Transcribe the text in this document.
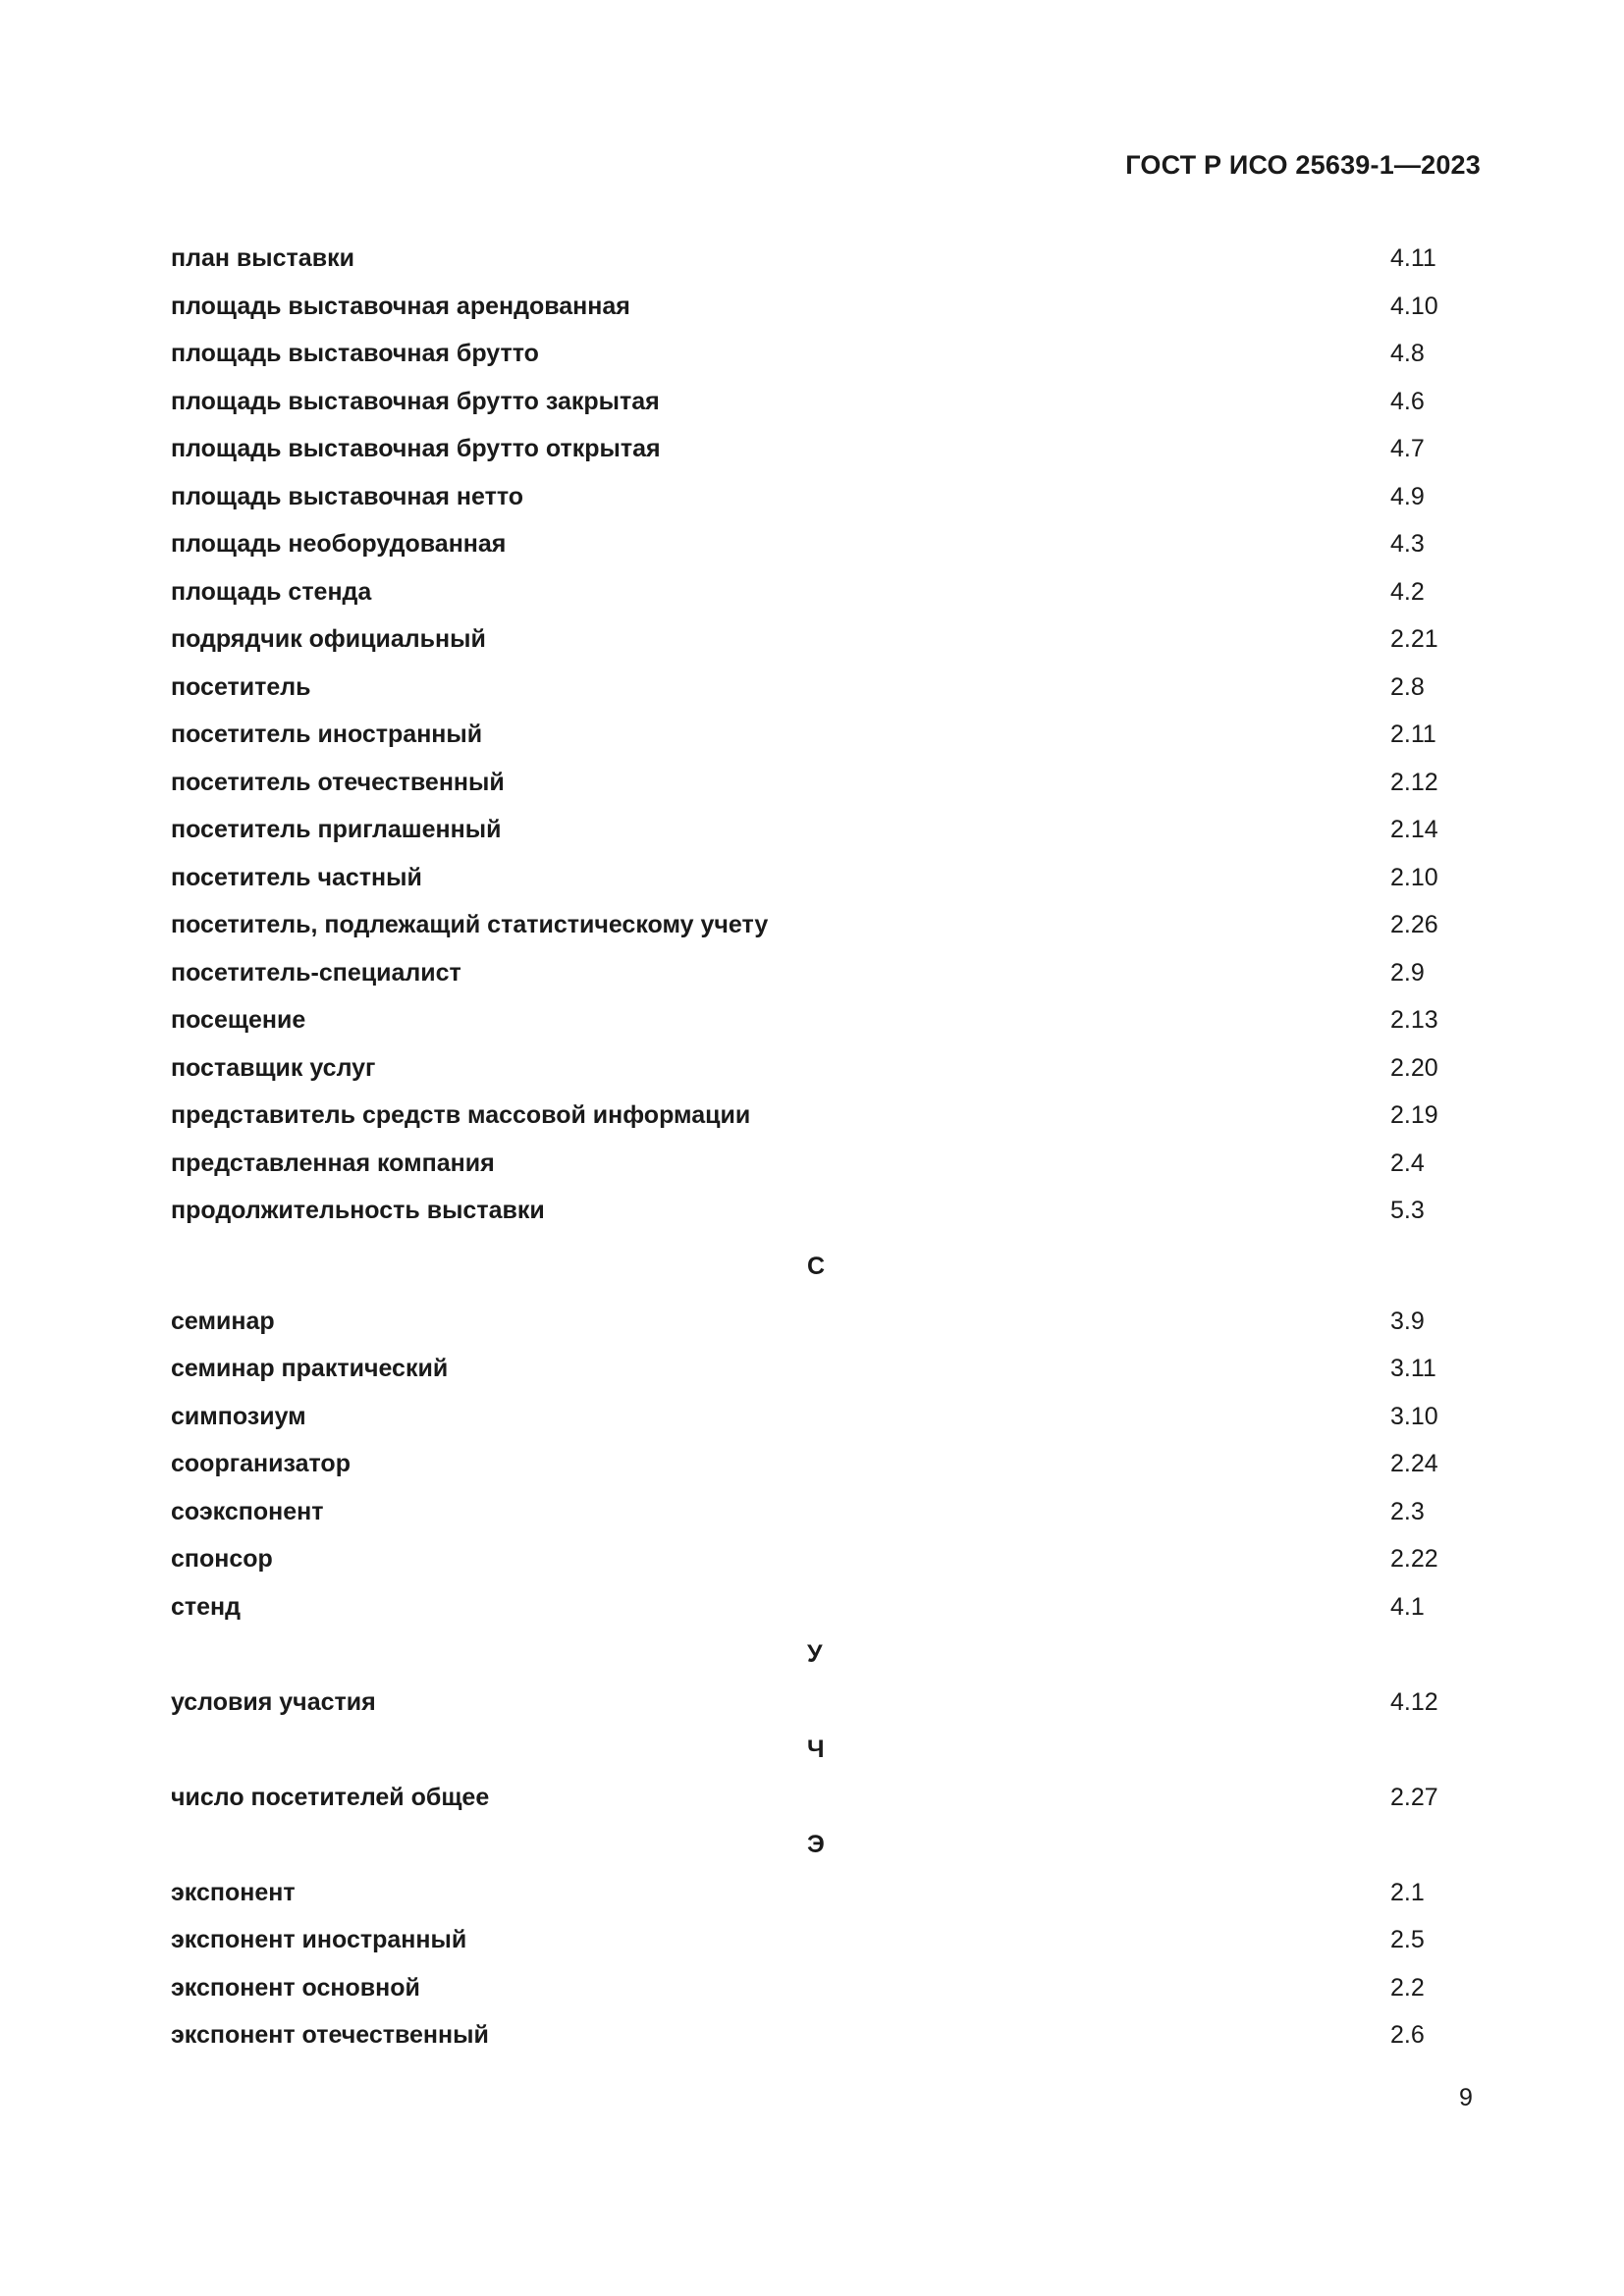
ГОСТ Р ИСО 25639-1—2023
план выставки	4.11
площадь выставочная арендованная	4.10
площадь выставочная брутто	4.8
площадь выставочная брутто закрытая	4.6
площадь выставочная брутто открытая	4.7
площадь выставочная нетто	4.9
площадь необорудованная	4.3
площадь стенда	4.2
подрядчик официальный	2.21
посетитель	2.8
посетитель иностранный	2.11
посетитель отечественный	2.12
посетитель приглашенный	2.14
посетитель частный	2.10
посетитель, подлежащий статистическому учету	2.26
посетитель-специалист	2.9
посещение	2.13
поставщик услуг	2.20
представитель средств массовой информации	2.19
представленная компания	2.4
продолжительность выставки	5.3
С
семинар	3.9
семинар практический	3.11
симпозиум	3.10
соорганизатор	2.24
соэкспонент	2.3
спонсор	2.22
стенд	4.1
У
условия участия	4.12
Ч
число посетителей общее	2.27
Э
экспонент	2.1
экспонент иностранный	2.5
экспонент основной	2.2
экспонент отечественный	2.6
9
